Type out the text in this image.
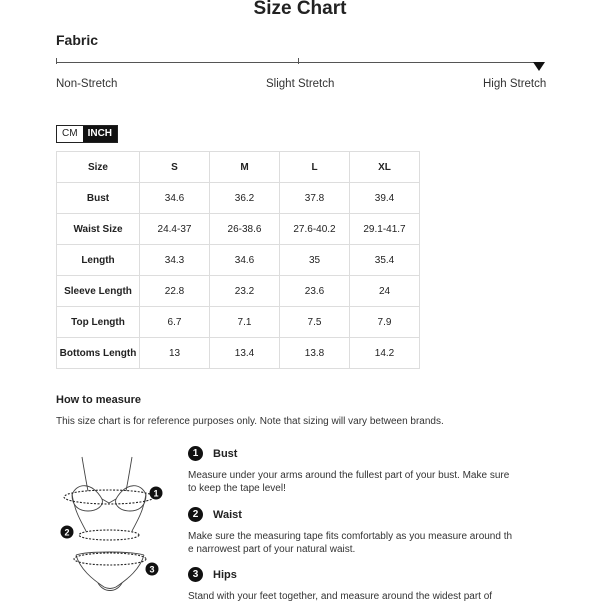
Size Chart
Fabric
Non-Stretch	Slight Stretch	High Stretch
CM	INCH
Size	S	M	L	XL
Bust	34.6	36.2	37.8	39.4
Waist Size	24.4-37	26-38.6	27.6-40.2	29.1-41.7
Length	34.3	34.6	35	35.4
Sleeve Length	22.8	23.2	23.6	24
Top Length	6.7	7.1	7.5	7.9
Bottoms Length	13	13.4	13.8	14.2
How to measure
This size chart is for reference purposes only. Note that sizing will vary between brands.
1
2
3
1	Bust
Measure under your arms around the fullest part of your bust. Make sure to keep the tape level!
2	Waist
Make sure the measuring tape fits comfortably as you measure around the narrowest part of your natural waist.
3	Hips
Stand with your feet together, and measure around the widest part of
